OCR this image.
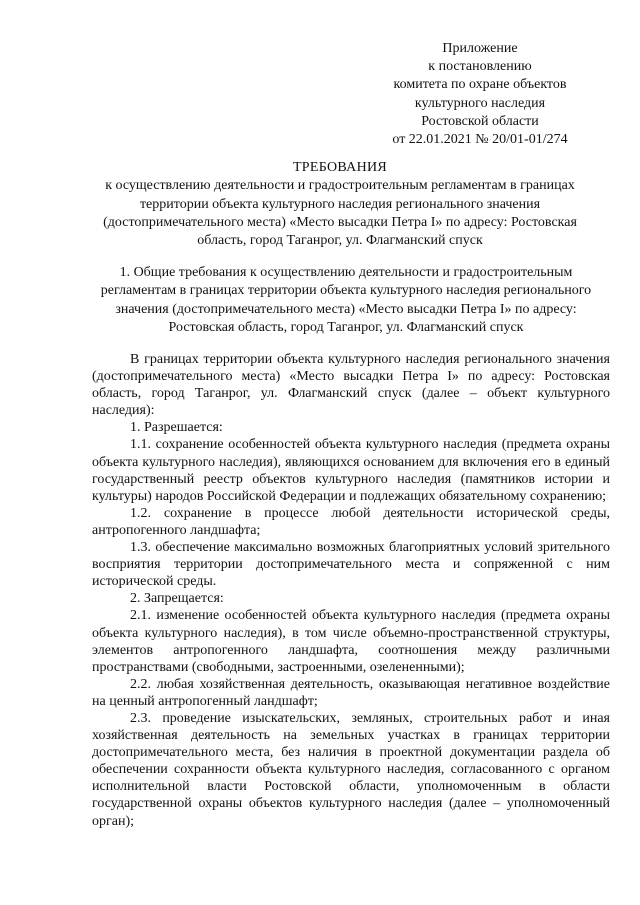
Приложение
к постановлению
комитета по охране объектов
культурного наследия
Ростовской области
от 22.01.2021 № 20/01-01/274
ТРЕБОВАНИЯ
к осуществлению деятельности и градостроительным регламентам в границах территории объекта культурного наследия регионального значения (достопримечательного места) «Место высадки Петра I» по адресу: Ростовская область, город Таганрог, ул. Флагманский спуск
1. Общие требования к осуществлению деятельности и градостроительным регламентам в границах территории объекта культурного наследия регионального значения (достопримечательного места) «Место высадки Петра I» по адресу: Ростовская область, город Таганрог, ул. Флагманский спуск

В границах территории объекта культурного наследия регионального значения (достопримечательного места) «Место высадки Петра I» по адресу: Ростовская область, город Таганрог, ул. Флагманский спуск (далее – объект культурного наследия):

1. Разрешается:

1.1. сохранение особенностей объекта культурного наследия (предмета охраны объекта культурного наследия), являющихся основанием для включения его в единый государственный реестр объектов культурного наследия (памятников истории и культуры) народов Российской Федерации и подлежащих обязательному сохранению;

1.2. сохранение в процессе любой деятельности исторической среды, антропогенного ландшафта;

1.3. обеспечение максимально возможных благоприятных условий зрительного восприятия территории достопримечательного места и сопряженной с ним исторической среды.

2. Запрещается:

2.1. изменение особенностей объекта культурного наследия (предмета охраны объекта культурного наследия), в том числе объемно-пространственной структуры, элементов антропогенного ландшафта, соотношения между различными пространствами (свободными, застроенными, озелененными);

2.2. любая хозяйственная деятельность, оказывающая негативное воздействие на ценный антропогенный ландшафт;

2.3. проведение изыскательских, земляных, строительных работ и иная хозяйственная деятельность на земельных участках в границах территории достопримечательного места, без наличия в проектной документации раздела об обеспечении сохранности объекта культурного наследия, согласованного с органом исполнительной власти Ростовской области, уполномоченным в области государственной охраны объектов культурного наследия (далее – уполномоченный орган);
